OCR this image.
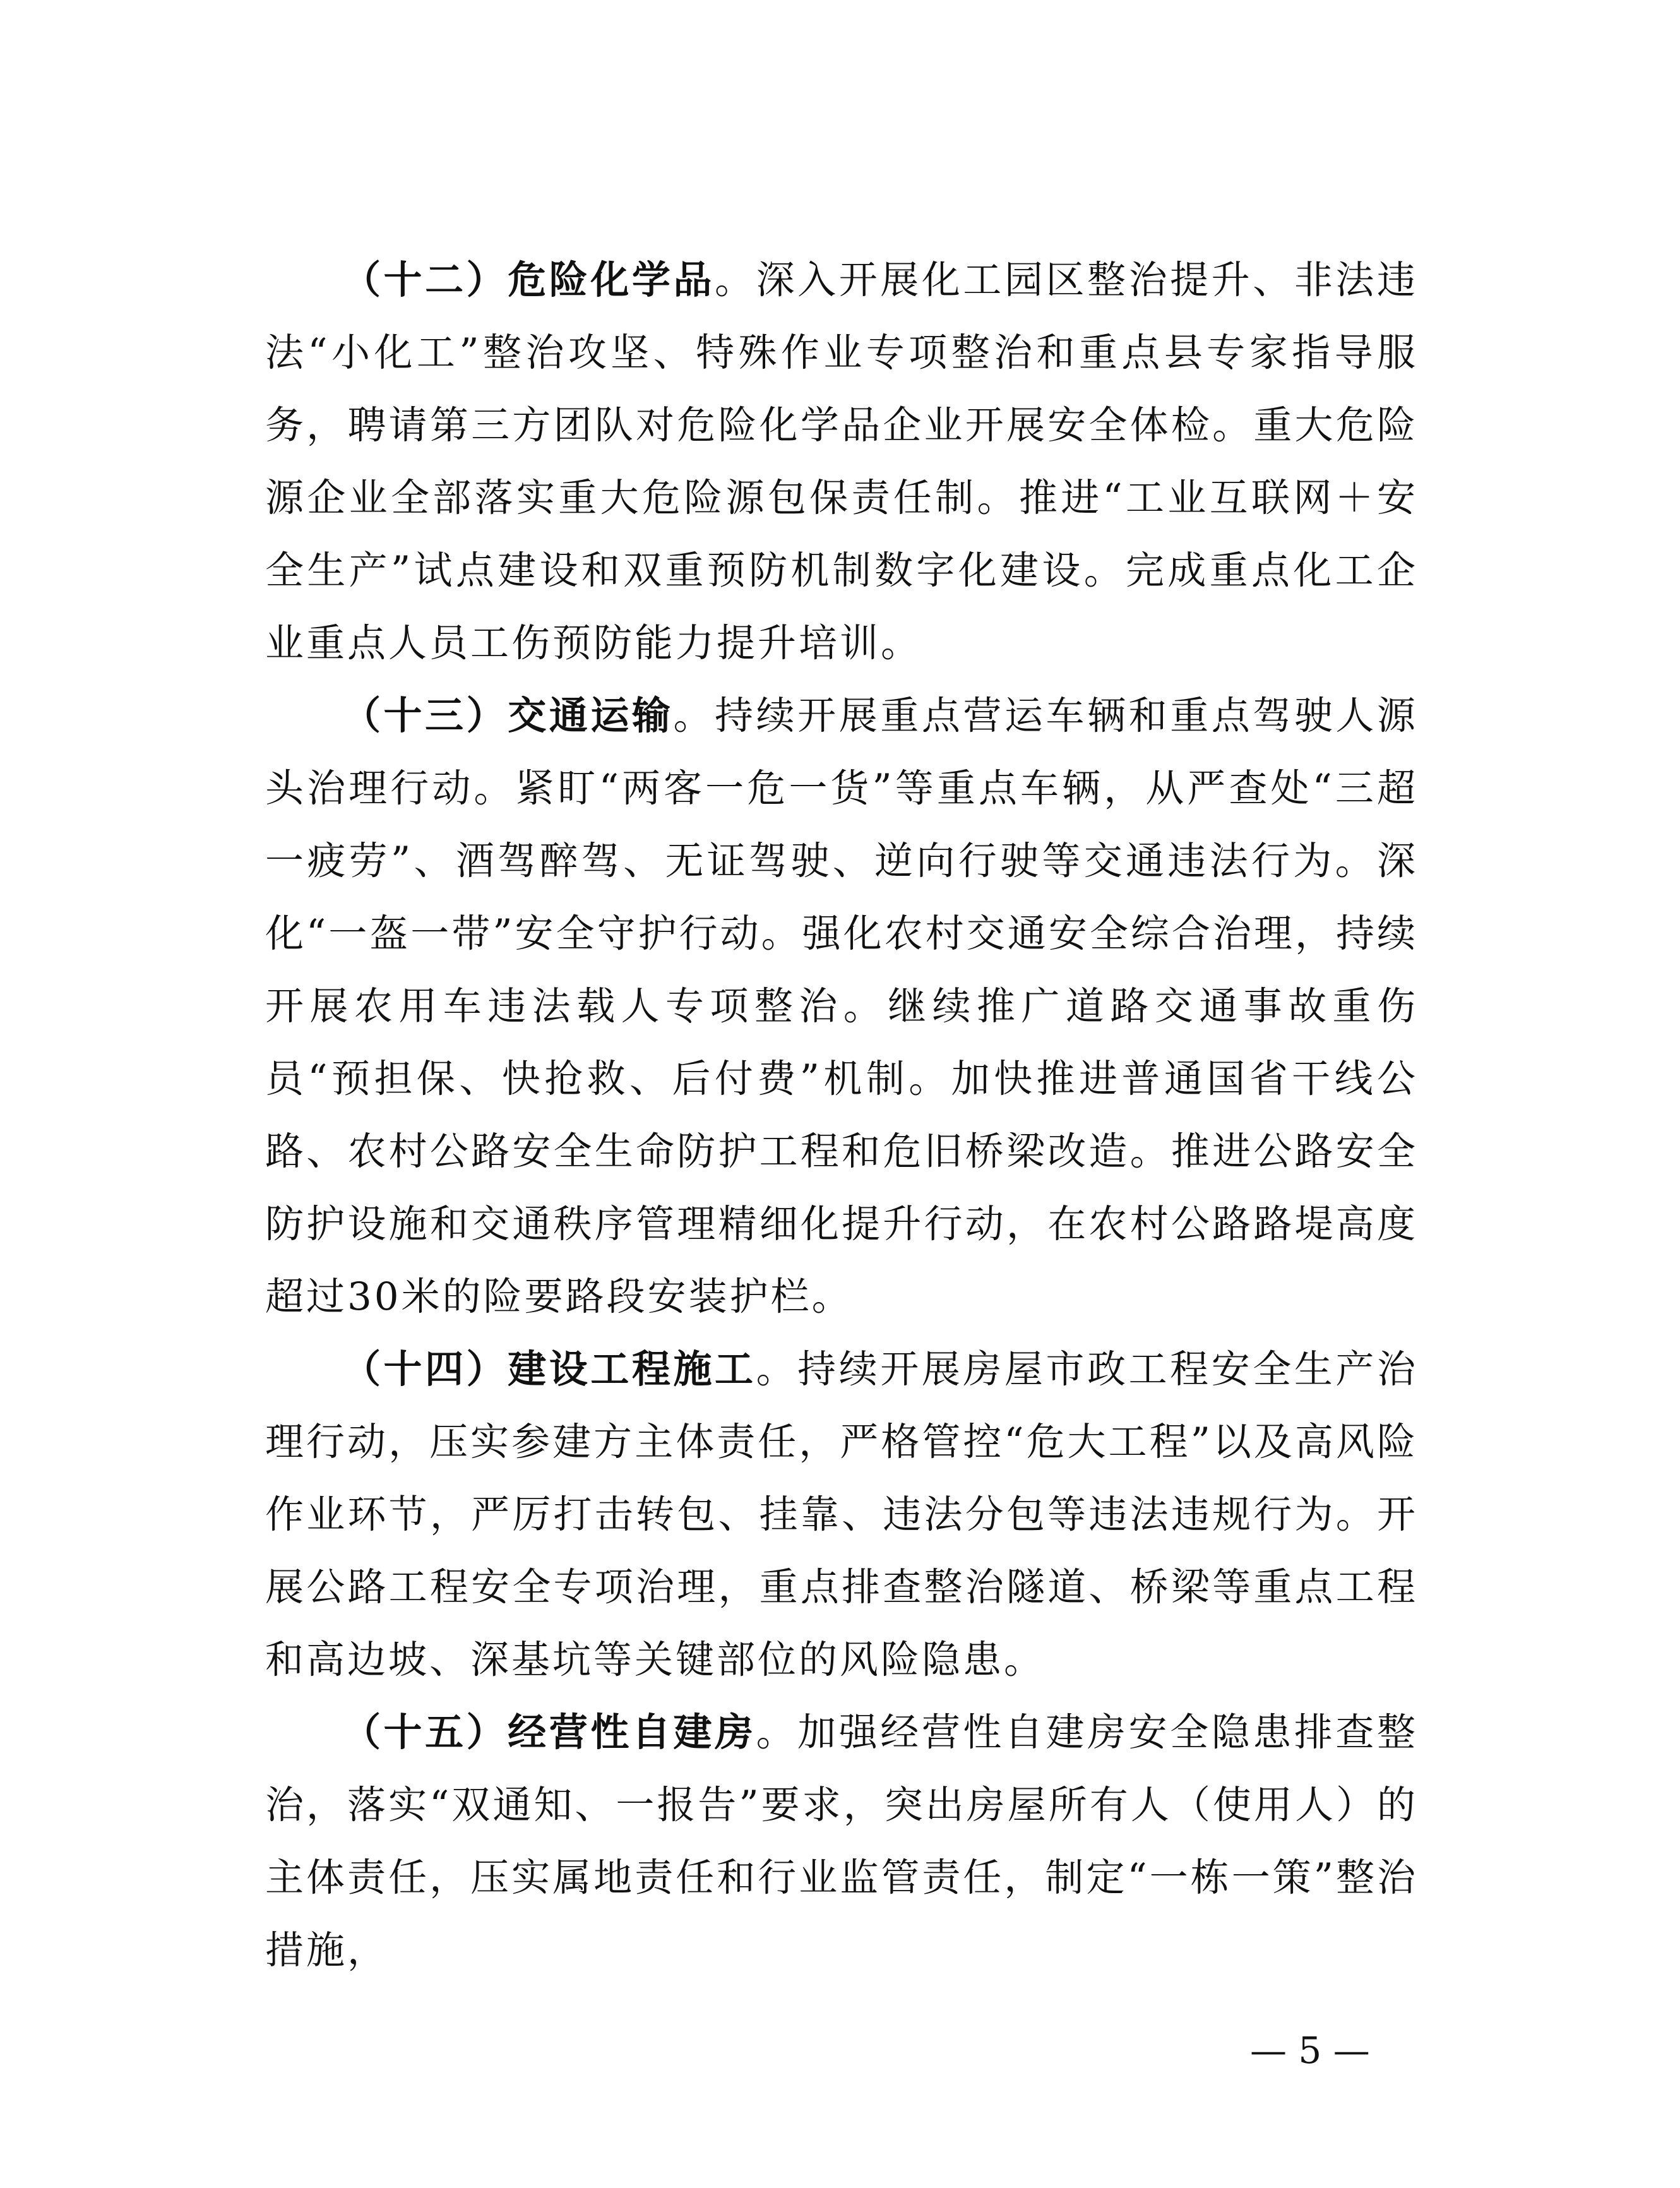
（十二）危险化学品。深入开展化工园区整治提升、非法违法“小化工”整治攻坚、特殊作业专项整治和重点县专家指导服务，聘请第三方团队对危险化学品企业开展安全体检。重大危险源企业全部落实重大危险源包保责任制。推进“工业互联网＋安全生产”试点建设和双重预防机制数字化建设。完成重点化工企业重点人员工伤预防能力提升培训。

（十三）交通运输。持续开展重点营运车辆和重点驾驶人源头治理行动。紧盯“两客一危一货”等重点车辆，从严查处“三超一疲劳”、酒驾醉驾、无证驾驶、逆向行驶等交通违法行为。深化“一盔一带”安全守护行动。强化农村交通安全综合治理，持续开展农用车违法载人专项整治。继续推广道路交通事故重伤员“预担保、快抢救、后付费”机制。加快推进普通国省干线公路、农村公路安全生命防护工程和危旧桥梁改造。推进公路安全防护设施和交通秩序管理精细化提升行动，在农村公路路堤高度超过30米的险要路段安装护栏。

（十四）建设工程施工。持续开展房屋市政工程安全生产治理行动，压实参建方主体责任，严格管控“危大工程”以及高风险作业环节，严厉打击转包、挂靠、违法分包等违法违规行为。开展公路工程安全专项治理，重点排查整治隧道、桥梁等重点工程和高边坡、深基坑等关键部位的风险隐患。

（十五）经营性自建房。加强经营性自建房安全隐患排查整治，落实“双通知、一报告”要求，突出房屋所有人（使用人）的主体责任，压实属地责任和行业监管责任，制定“一栋一策”整治措施，

— 5 —
